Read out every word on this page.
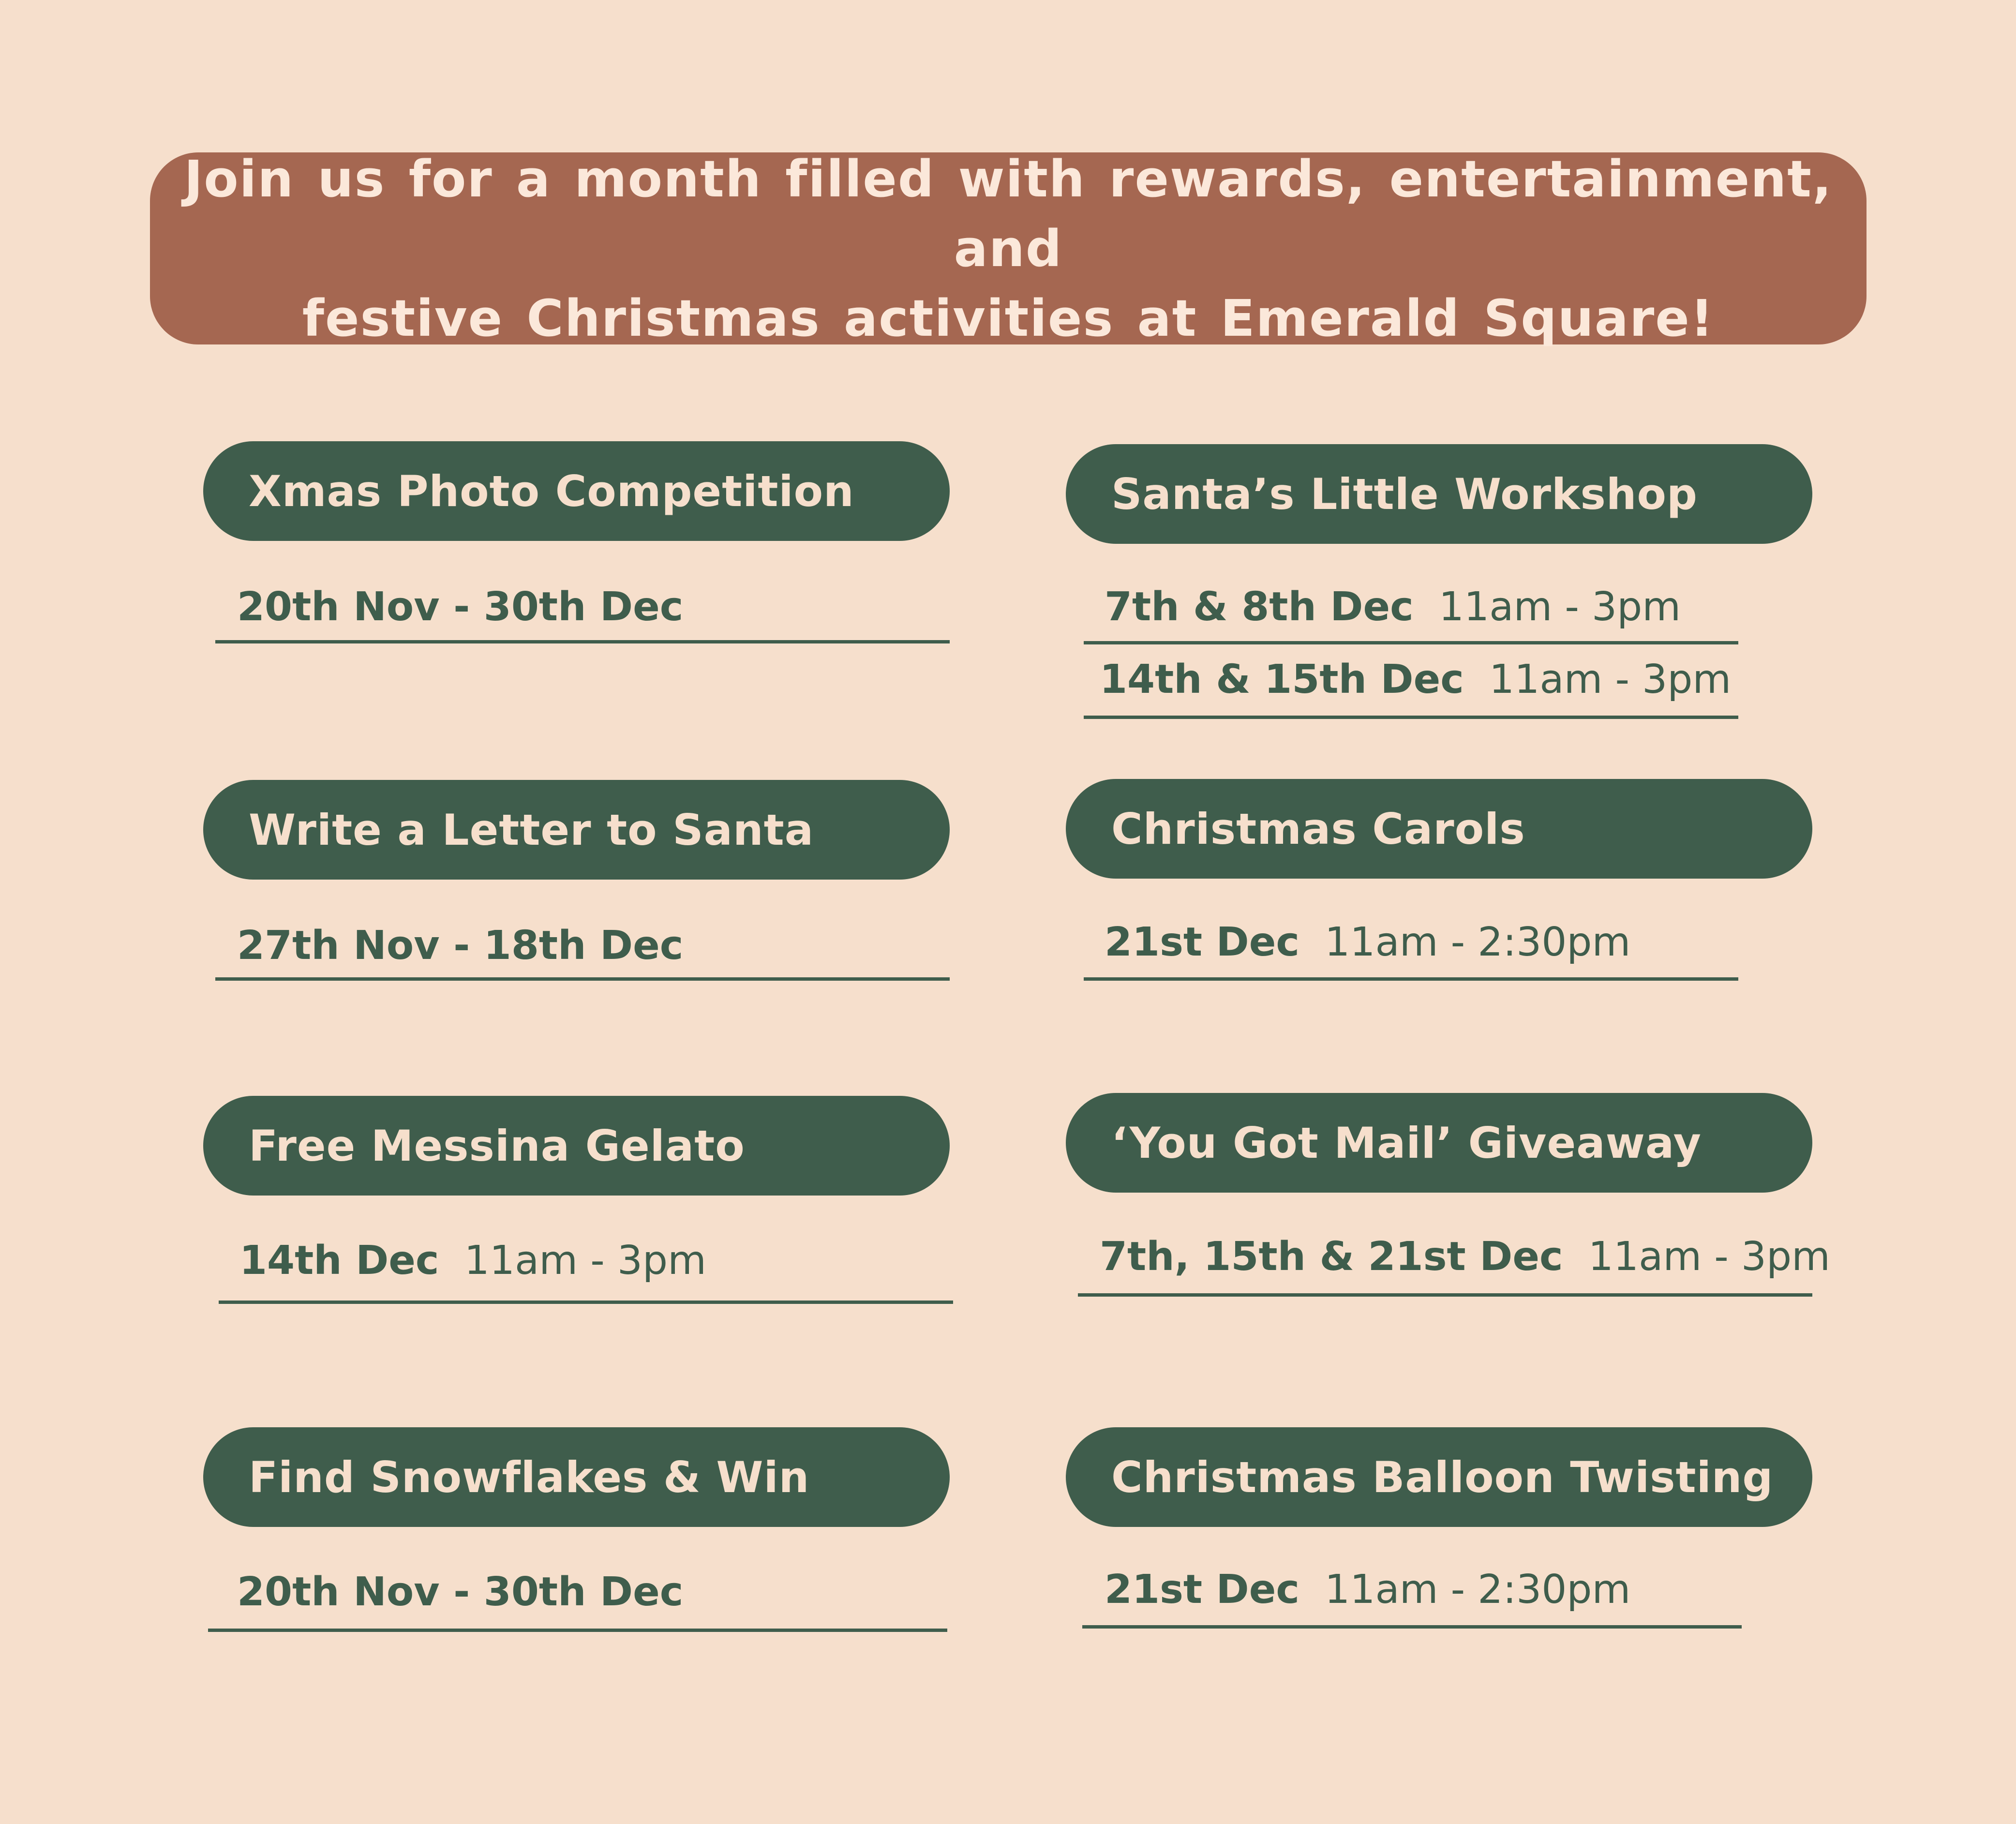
Join us for a month filled with rewards, entertainment, and
festive Christmas activities at Emerald Square!

Xmas Photo Competition
20th Nov - 30th Dec
Santa’s Little Workshop
7th & 8th Dec  11am - 3pm
14th & 15th Dec  11am - 3pm
Write a Letter to Santa
27th Nov - 18th Dec
Christmas Carols
21st Dec  11am - 2:30pm
Free Messina Gelato
14th Dec  11am - 3pm
‘You Got Mail’ Giveaway
7th, 15th & 21st Dec  11am - 3pm
Find Snowflakes & Win
20th Nov - 30th Dec
Christmas Balloon Twisting
21st Dec  11am - 2:30pm
